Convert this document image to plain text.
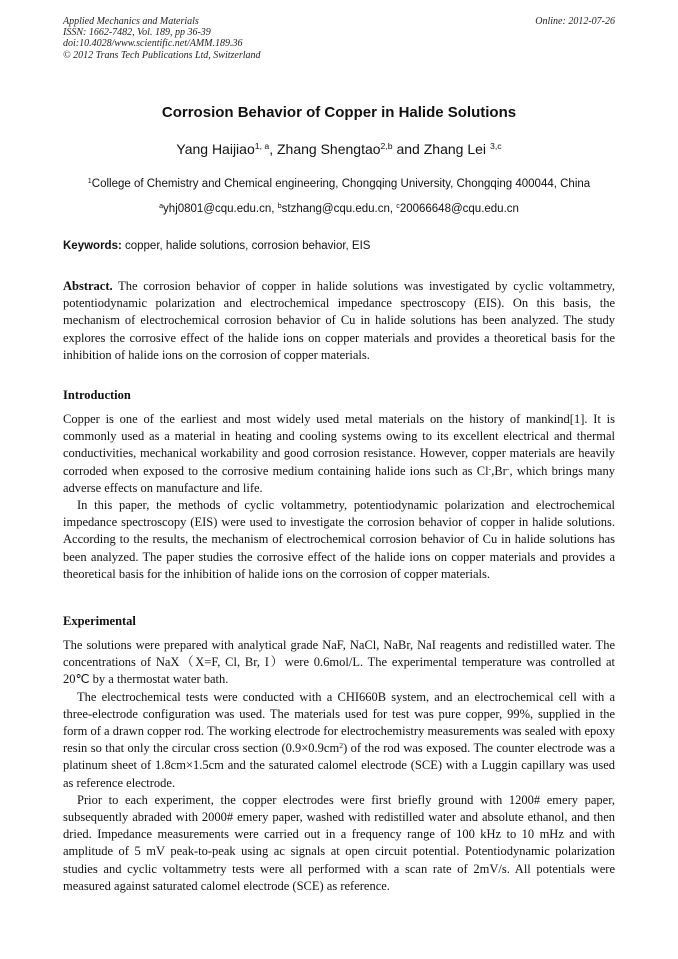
Applied Mechanics and Materials
ISSN: 1662-7482, Vol. 189, pp 36-39
doi:10.4028/www.scientific.net/AMM.189.36
© 2012 Trans Tech Publications Ltd, Switzerland
Online: 2012-07-26
Corrosion Behavior of Copper in Halide Solutions
Yang Haijiao$^{1, a}$, Zhang Shengtao$^{2,b}$ and Zhang Lei $^{3,c}$
$^1$College of Chemistry and Chemical engineering, Chongqing University, Chongqing 400044, China
$^a$yhj0801@cqu.edu.cn, $^b$stzhang@cqu.edu.cn, $^c$20066648@cqu.edu.cn
Keywords: copper, halide solutions, corrosion behavior, EIS

Abstract. The corrosion behavior of copper in halide solutions was investigated by cyclic voltammetry, potentiodynamic polarization and electrochemical impedance spectroscopy (EIS). On this basis, the mechanism of electrochemical corrosion behavior of Cu in halide solutions has been analyzed. The study explores the corrosive effect of the halide ions on copper materials and provides a theoretical basis for the inhibition of halide ions on the corrosion of copper materials.

Introduction

Copper is one of the earliest and most widely used metal materials on the history of mankind[1]. It is commonly used as a material in heating and cooling systems owing to its excellent electrical and thermal conductivities, mechanical workability and good corrosion resistance. However, copper materials are heavily corroded when exposed to the corrosive medium containing halide ions such as Cl-,Br-, which brings many adverse effects on manufacture and life.

In this paper, the methods of cyclic voltammetry, potentiodynamic polarization and electrochemical impedance spectroscopy (EIS) were used to investigate the corrosion behavior of copper in halide solutions. According to the results, the mechanism of electrochemical corrosion behavior of Cu in halide solutions has been analyzed. The paper studies the corrosive effect of the halide ions on copper materials and provides a theoretical basis for the inhibition of halide ions on the corrosion of copper materials.

Experimental

The solutions were prepared with analytical grade NaF, NaCl, NaBr, NaI reagents and redistilled water. The concentrations of NaX（X=F, Cl, Br, I）were 0.6mol/L. The experimental temperature was controlled at 20℃ by a thermostat water bath.

The electrochemical tests were conducted with a CHI660B system, and an electrochemical cell with a three-electrode configuration was used. The materials used for test was pure copper, 99%, supplied in the form of a drawn copper rod. The working electrode for electrochemistry measurements was sealed with epoxy resin so that only the circular cross section $(0.9\times 0.9cm^2)$ of the rod was exposed. The counter electrode was a platinum sheet of 1.8cm×1.5cm and the saturated calomel electrode (SCE) with a Luggin capillary was used as reference electrode.

Prior to each experiment, the copper electrodes were first briefly ground with 1200# emery paper, subsequently abraded with 2000# emery paper, washed with redistilled water and absolute ethanol, and then dried. Impedance measurements were carried out in a frequency range of 100 kHz to 10 mHz and with amplitude of 5 mV peak-to-peak using ac signals at open circuit potential. Potentiodynamic polarization studies and cyclic voltammetry tests were all performed with a scan rate of 2mV/s. All potentials were measured against saturated calomel electrode (SCE) as reference.
